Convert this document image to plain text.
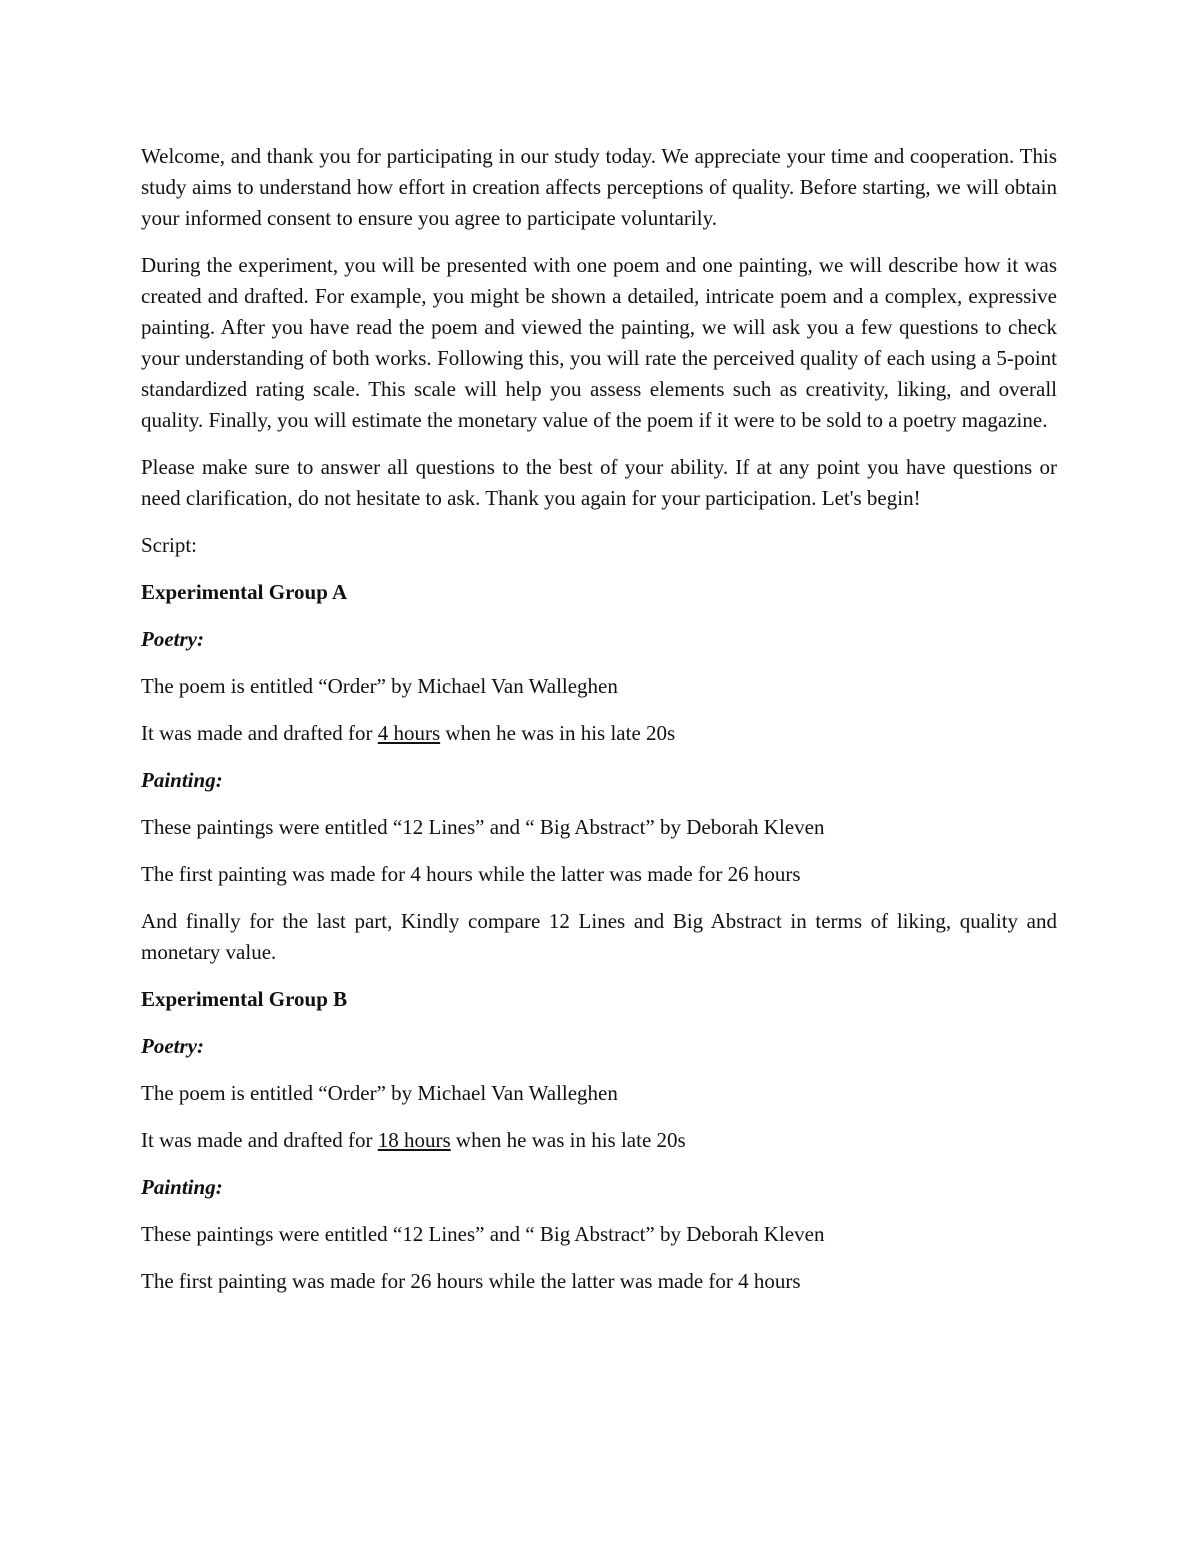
Welcome, and thank you for participating in our study today. We appreciate your time and cooperation. This study aims to understand how effort in creation affects perceptions of quality. Before starting, we will obtain your informed consent to ensure you agree to participate voluntarily.

During the experiment, you will be presented with one poem and one painting, we will describe how it was created and drafted. For example, you might be shown a detailed, intricate poem and a complex, expressive painting. After you have read the poem and viewed the painting, we will ask you a few questions to check your understanding of both works. Following this, you will rate the perceived quality of each using a 5-point standardized rating scale. This scale will help you assess elements such as creativity, liking, and overall quality. Finally, you will estimate the monetary value of the poem if it were to be sold to a poetry magazine.

Please make sure to answer all questions to the best of your ability. If at any point you have questions or need clarification, do not hesitate to ask. Thank you again for your participation. Let's begin!

Script:

Experimental Group A

Poetry:

The poem is entitled “Order” by Michael Van Walleghen

It was made and drafted for 4 hours when he was in his late 20s

Painting:

These paintings were entitled “12 Lines” and “ Big Abstract” by Deborah Kleven

The first painting was made for 4 hours while the latter was made for 26 hours

And finally for the last part, Kindly compare 12 Lines and Big Abstract in terms of liking, quality and monetary value.

Experimental Group B

Poetry:

The poem is entitled “Order” by Michael Van Walleghen

It was made and drafted for 18 hours when he was in his late 20s

Painting:

These paintings were entitled “12 Lines” and “ Big Abstract” by Deborah Kleven

The first painting was made for 26 hours while the latter was made for 4 hours
